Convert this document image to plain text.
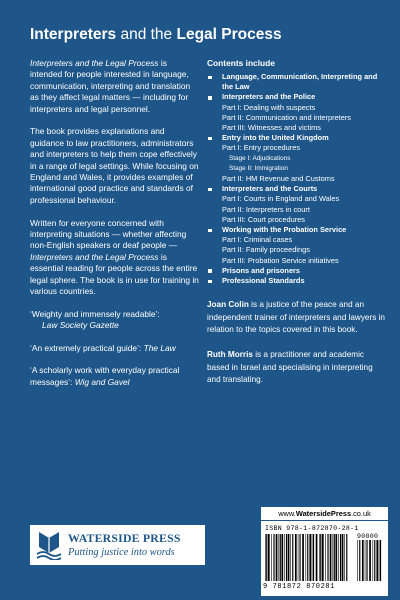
Interpreters and the Legal Process

Interpreters and the Legal Process is intended for people interested in language, communication, interpreting and translation as they affect legal matters — including for interpreters and legal personnel.

The book provides explanations and guidance to law practitioners, administrators and interpreters to help them cope effectively in a range of legal settings. While focusing on England and Wales, it provides examples of international good practice and standards of professional behaviour.

Written for everyone concerned with interpreting situations — whether affecting non-English speakers or deaf people — Interpreters and the Legal Process is essential reading for people across the entire legal sphere. The book is in use for training in various countries.

‘Weighty and immensely readable’:
Law Society Gazette
‘An extremely practical guide’: The Law
‘A scholarly work with everyday practical messages’: Wig and Gavel
Contents include
Language, Communication, Interpreting and the Law
Interpreters and the Police
Part I: Dealing with suspects
Part II: Communication and interpreters
Part III: Witnesses and victims
Entry into the United Kingdom
Part I: Entry procedures
Stage I: Adjudications
Stage II: Immigration
Part II: HM Revenue and Customs
Interpreters and the Courts
Part I: Courts in England and Wales
Part II: Interpreters in court
Part III: Court procedures
Working with the Probation Service
Part I: Criminal cases
Part II: Family proceedings
Part III: Probation Service initiatives
Prisons and prisoners
Professional Standards
Joan Colin is a justice of the peace and an independent trainer of interpreters and lawyers in relation to the topics covered in this book.
Ruth Morris is a practitioner and academic based in Israel and specialising in interpreting and translating.
WATERSIDE PRESS
Putting justice into words
www.WatersidePress.co.uk
ISBN 978-1-872870-28-1
90000
9 781872 870281
